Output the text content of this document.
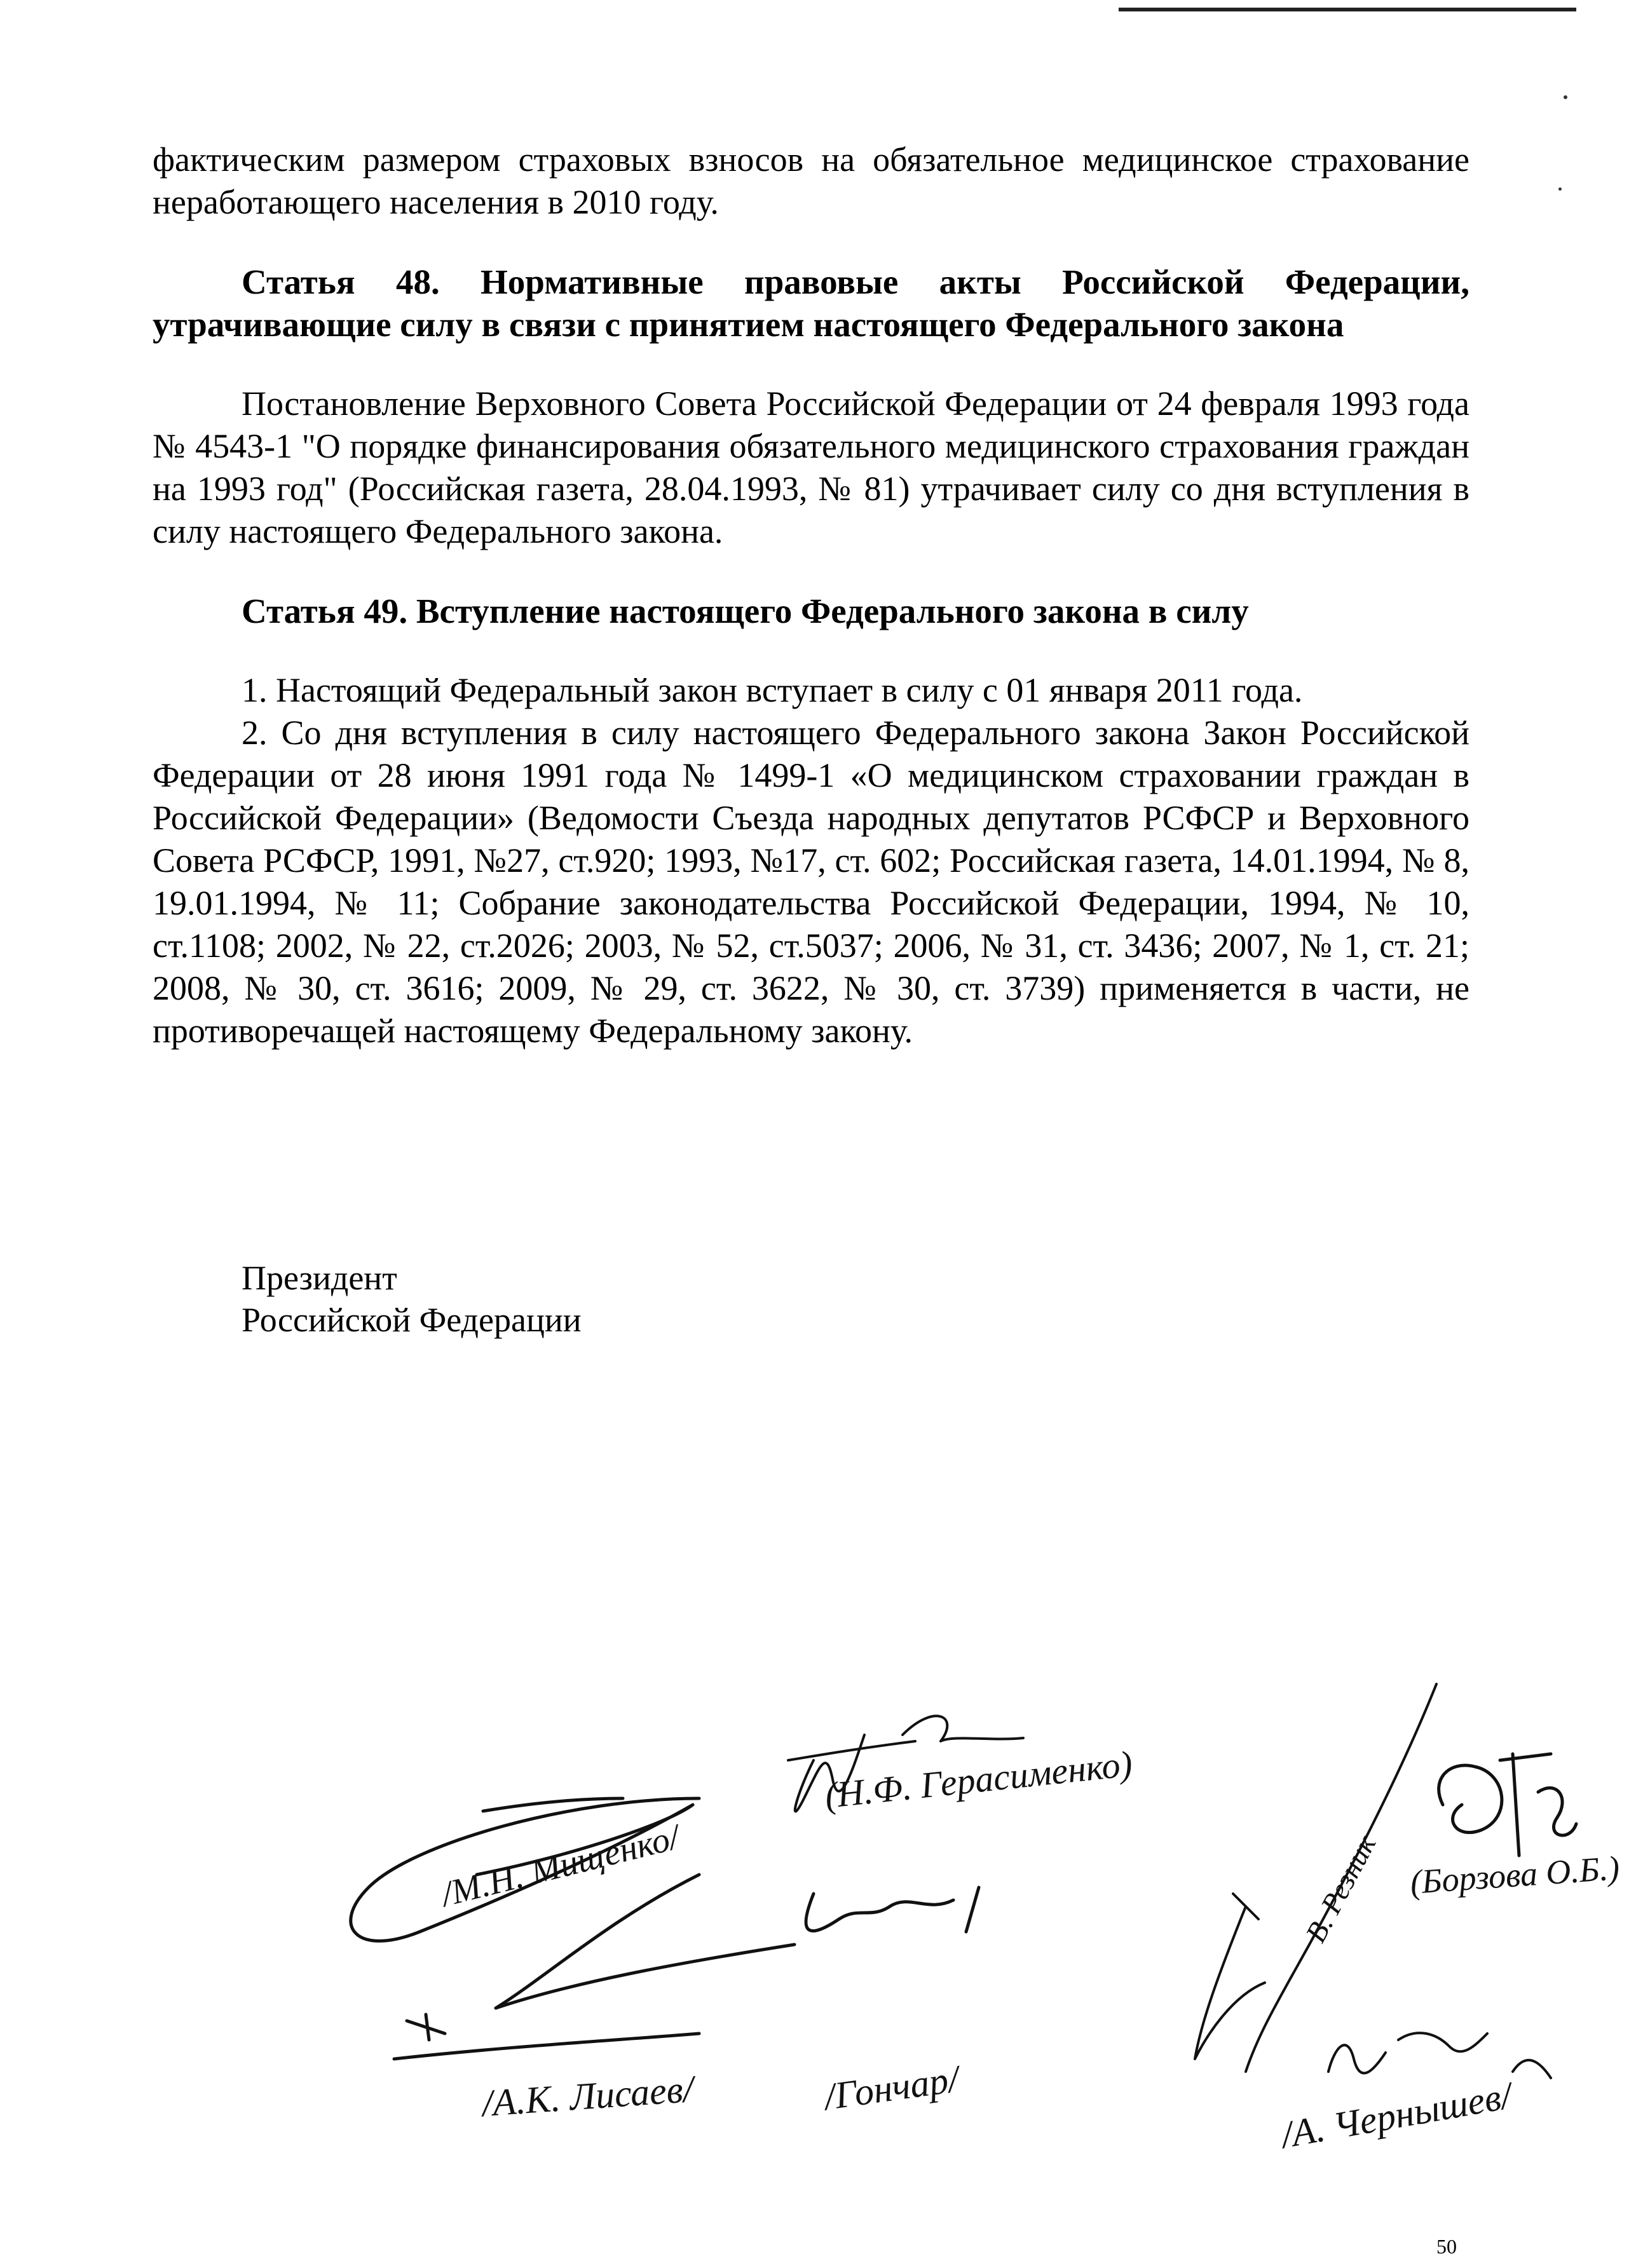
фактическим размером страховых взносов на обязательное медицинское страхование неработающего населения в 2010 году.

Статья 48. Нормативные правовые акты Российской Федерации, утрачивающие силу в связи с принятием настоящего Федерального закона

Постановление Верховного Совета Российской Федерации от 24 февраля 1993 года № 4543-1 "О порядке финансирования обязательного медицинского страхования граждан на 1993 год" (Российская газета, 28.04.1993, № 81) утрачивает силу со дня вступления в силу настоящего Федерального закона.

Статья 49. Вступление настоящего Федерального закона в силу

1. Настоящий Федеральный закон вступает в силу с 01 января 2011 года.

2. Со дня вступления в силу настоящего Федерального закона Закон Российской Федерации от 28 июня 1991 года № 1499-1 «О медицинском страховании граждан в Российской Федерации» (Ведомости Съезда народных депутатов РСФСР и Верховного Совета РСФСР, 1991, №27, ст.920; 1993, №17, ст. 602; Российская газета, 14.01.1994, № 8, 19.01.1994, № 11; Собрание законодательства Российской Федерации, 1994, № 10, ст.1108; 2002, № 22, ст.2026; 2003, № 52, ст.5037; 2006, № 31, ст. 3436; 2007, № 1, ст. 21; 2008, № 30, ст. 3616; 2009, № 29, ст. 3622, № 30, ст. 3739) применяется в части, не противоречащей настоящему Федеральному закону.

Президент

Российской Федерации

(Н.Ф. Герасименко)
/М.Н. Мищенко/
/А.К. Лисаев/	/Гончар/
В. Резник (Борзова О.Б.)
/А. Чернышев/
50
